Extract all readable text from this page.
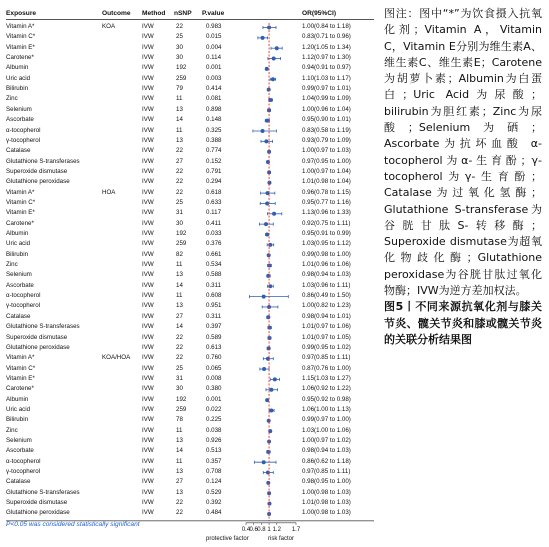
Exposure	Outcome Method nSNP P.value	OR(95%CI)
0.4 0.6 0.8 1 1.2 1.7
protective factor	risk factor
Vitamin A*	KOA	IVW	22	0.983	1.00(0.84 to 1.18)
Vitamin C*	IVW	25	0.015	0.83(0.71 to 0.96)
Vitamin E*	IVW	30	0.004	1.20(1.05 to 1.34)
Carotene*	IVW	30	0.114	1.12(0.97 to 1.30)
Albumin	IVW	192	0.001	0.94(0.91 to 0.97)
Uric acid	IVW	259	0.003	1.10(1.03 to 1.17)
Bilirubin	IVW	79	0.414	0.99(0.97 to 1.01)
Zinc	IVW	11	0.081	1.04(0.99 to 1.09)
Selenium	IVW	13	0.898	1.00(0.96 to 1.04)
Ascorbate	IVW	14	0.148	0.95(0.90 to 1.01)
α-tocopherol	IVW	11	0.325	0.83(0.58 to 1.19)
γ-tocopherol	IVW	13	0.388	0.93(0.79 to 1.09)
Catalase	IVW	22	0.774	1.00(0.97 to 1.03)
Glutathione S-transferases	IVW	27	0.152	0.97(0.95 to 1.00)
Superoxide dismutase	IVW	22	0.791	1.00(0.97 to 1.04)
Glutathione peroxidase	IVW	22	0.294	1.01(0.98 to 1.04)
Vitamin A*	HOA	IVW	22	0.618	0.96(0.78 to 1.15)
Vitamin C*	IVW	25	0.633	0.95(0.77 to 1.16)
Vitamin E*	IVW	31	0.117	1.13(0.96 to 1.33)
Carotene*	IVW	30	0.411	0.92(0.75 to 1.11)
Albumin	IVW	192	0.033	0.95(0.91 to 0.99)
Uric acid	IVW	259	0.376	1.03(0.95 to 1.12)
Bilirubin	IVW	82	0.661	0.99(0.98 to 1.00)
Zinc	IVW	11	0.534	1.01(0.96 to 1.06)
Selenium	IVW	13	0.588	0.98(0.94 to 1.03)
Ascorbate	IVW	14	0.311	1.03(0.96 to 1.11)
α-tocopherol	IVW	11	0.608	0.86(0.49 to 1.50)
γ-tocopherol	IVW	13	0.951	1.00(0.82 to 1.23)
Catalase	IVW	27	0.311	0.98(0.94 to 1.01)
Glutathione S-transferases	IVW	14	0.397	1.01(0.97 to 1.06)
Superoxide dismutase	IVW	22	0.589	1.01(0.97 to 1.05)
Glutathione peroxidase	IVW	22	0.613	0.99(0.95 to 1.02)
Vitamin A*	KOA/HOA IVW	22	0.760	0.97(0.85 to 1.11)
Vitamin C*	IVW	25	0.065	0.87(0.76 to 1.00)
Vitamin E*	IVW	31	0.008	1.15(1.03 to 1.27)
Carotene*	IVW	30	0.380	1.06(0.92 to 1.22)
Albumin	IVW	192	0.001	0.95(0.92 to 0.98)
Uric acid	IVW	259	0.022	1.06(1.00 to 1.13)
Bilirubin	IVW	78	0.225	0.99(0.97 to 1.00)
Zinc	IVW	11	0.038	1.03(1.00 to 1.06)
Selenium	IVW	13	0.926	1.00(0.97 to 1.02)
Ascorbate	IVW	14	0.513	0.98(0.94 to 1.03)
α-tocopherol	IVW	11	0.357	0.86(0.62 to 1.18)
γ-tocopherol	IVW	13	0.708	0.97(0.85 to 1.11)
Catalase	IVW	27	0.124	0.98(0.95 to 1.00)
Glutathione S-transferases	IVW	13	0.529	1.00(0.98 to 1.03)
Superoxide dismutase	IVW	22	0.392	1.01(0.98 to 1.03)
Glutathione peroxidase	IVW	22	0.484	1.00(0.98 to 1.03)
P<0.05 was considered statistically significant
图注：图中“*”为饮食摄入抗氧化剂；Vitamin A，Vitamin C，Vitamin E分别为维生素A、维生素C、维生素E；Carotene为胡萝卜素；Albumin为白蛋白；Uric Acid为尿酸；bilirubin为胆红素；Zinc为尿酸；Selenium为硒；Ascorbate为抗坏血酸 α-tocopherol为α-生育酚；γ-tocopherol为γ-生育酚；Catalase为过氧化氢酶；Glutathione S-transferase为谷胱甘肽S-转移酶；Superoxide dismutase为超氧化物歧化酶；Glutathione peroxidase为谷胱甘肽过氧化物酶；IVW为逆方差加权法。
图5丨不同来源抗氧化剂与膝关节炎、髋关节炎和膝或髋关节炎的关联分析结果图
